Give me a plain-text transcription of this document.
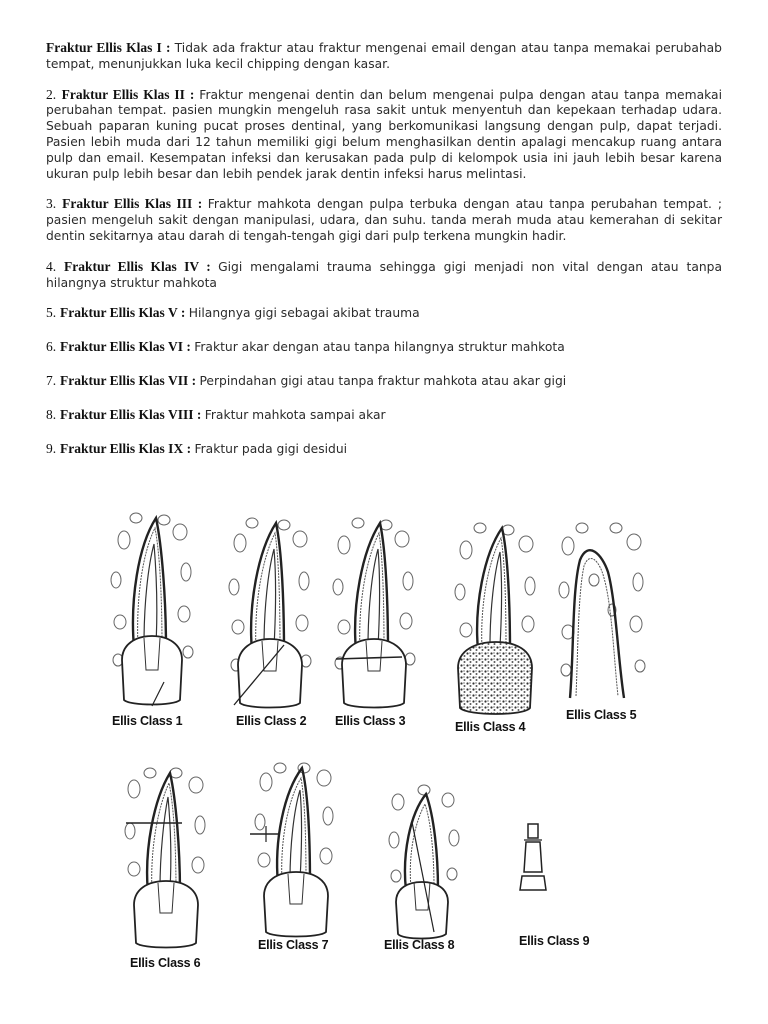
Fraktur Ellis Klas I : Tidak ada fraktur atau fraktur mengenai email dengan atau tanpa memakai perubahab tempat, menunjukkan luka kecil chipping dengan kasar.

2. Fraktur Ellis Klas II : Fraktur mengenai dentin dan belum mengenai pulpa dengan atau tanpa memakai perubahan tempat. pasien mungkin mengeluh rasa sakit untuk menyentuh dan kepekaan terhadap udara. Sebuah paparan kuning pucat proses dentinal, yang berkomunikasi langsung dengan pulp, dapat terjadi. Pasien lebih muda dari 12 tahun memiliki gigi belum menghasilkan dentin apalagi mencakup ruang antara pulp dan email. Kesempatan infeksi dan kerusakan pada pulp di kelompok usia ini jauh lebih besar karena ukuran pulp lebih besar dan lebih pendek jarak dentin infeksi harus melintasi.

3. Fraktur Ellis Klas III : Fraktur mahkota dengan pulpa terbuka dengan atau tanpa perubahan tempat. ; pasien mengeluh sakit dengan manipulasi, udara, dan suhu. tanda merah muda atau kemerahan di sekitar dentin sekitarnya atau darah di tengah-tengah gigi dari pulp terkena mungkin hadir.

4. Fraktur Ellis Klas IV : Gigi mengalami trauma sehingga gigi menjadi non vital dengan atau tanpa hilangnya struktur mahkota

5. Fraktur Ellis Klas V : Hilangnya gigi sebagai akibat trauma

6. Fraktur Ellis Klas VI : Fraktur akar dengan atau tanpa hilangnya struktur mahkota

7. Fraktur Ellis Klas VII : Perpindahan gigi atau tanpa fraktur mahkota atau akar gigi

8. Fraktur Ellis Klas VIII : Fraktur mahkota sampai akar

9. Fraktur Ellis Klas IX : Fraktur pada gigi desidui

Ellis Class 1	Ellis Class 2 Ellis Class 3	Ellis Class 4
Ellis Class 5
Ellis Class 6
Ellis Class 7	Ellis Class 8	Ellis Class 9
